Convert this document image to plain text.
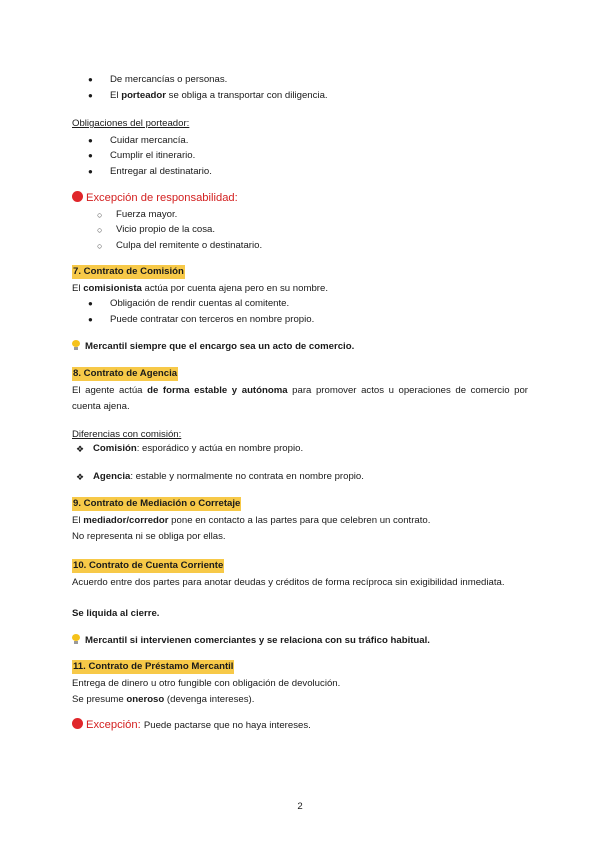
● De mercancías o personas.
● El porteador se obliga a transportar con diligencia.
Obligaciones del porteador:
● Cuidar mercancía.
● Cumplir el itinerario.
● Entregar al destinatario.
Excepción de responsabilidad:
○ Fuerza mayor.
○ Vicio propio de la cosa.
○ Culpa del remitente o destinatario.
7. Contrato de Comisión
El comisionista actúa por cuenta ajena pero en su nombre.
● Obligación de rendir cuentas al comitente.
● Puede contratar con terceros en nombre propio.
Mercantil siempre que el encargo sea un acto de comercio.
8. Contrato de Agencia
El agente actúa de forma estable y autónoma para promover actos u operaciones de comercio por cuenta ajena.
Diferencias con comisión:
❖ Comisión: esporádico y actúa en nombre propio.
❖ Agencia: estable y normalmente no contrata en nombre propio.
9. Contrato de Mediación o Corretaje
El mediador/corredor pone en contacto a las partes para que celebren un contrato.
No representa ni se obliga por ellas.
10. Contrato de Cuenta Corriente
Acuerdo entre dos partes para anotar deudas y créditos de forma recíproca sin exigibilidad inmediata.
Se liquida al cierre.
Mercantil si intervienen comerciantes y se relaciona con su tráfico habitual.
11. Contrato de Préstamo Mercantil
Entrega de dinero u otro fungible con obligación de devolución.
Se presume oneroso (devenga intereses).
Excepción: Puede pactarse que no haya intereses.
2
